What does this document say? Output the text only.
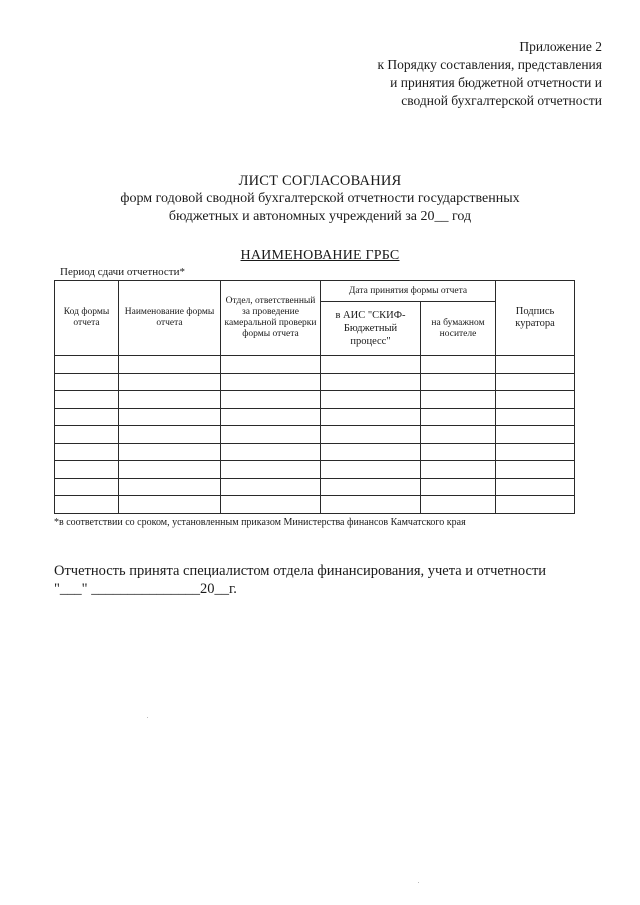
Приложение 2
к Порядку составления, представления
и принятия бюджетной отчетности и
сводной бухгалтерской отчетности
ЛИСТ СОГЛАСОВАНИЯ
форм годовой сводной бухгалтерской отчетности государственных
бюджетных и автономных учреждений за 20__ год
НАИМЕНОВАНИЕ ГРБС
Период сдачи отчетности*
Код формы отчета	Наименование формы отчета	Отдел, ответственный за проведение камеральной проверки формы отчета	Дата принятия формы отчета		Подпись куратора
			в АИС "СКИФ-Бюджетный процесс"	на бумажном носителе	

*в соответствии со сроком, установленным приказом Министерства финансов Камчатского края
Отчетность принята специалистом отдела финансирования, учета и отчетности
"___" _______________20__г.
